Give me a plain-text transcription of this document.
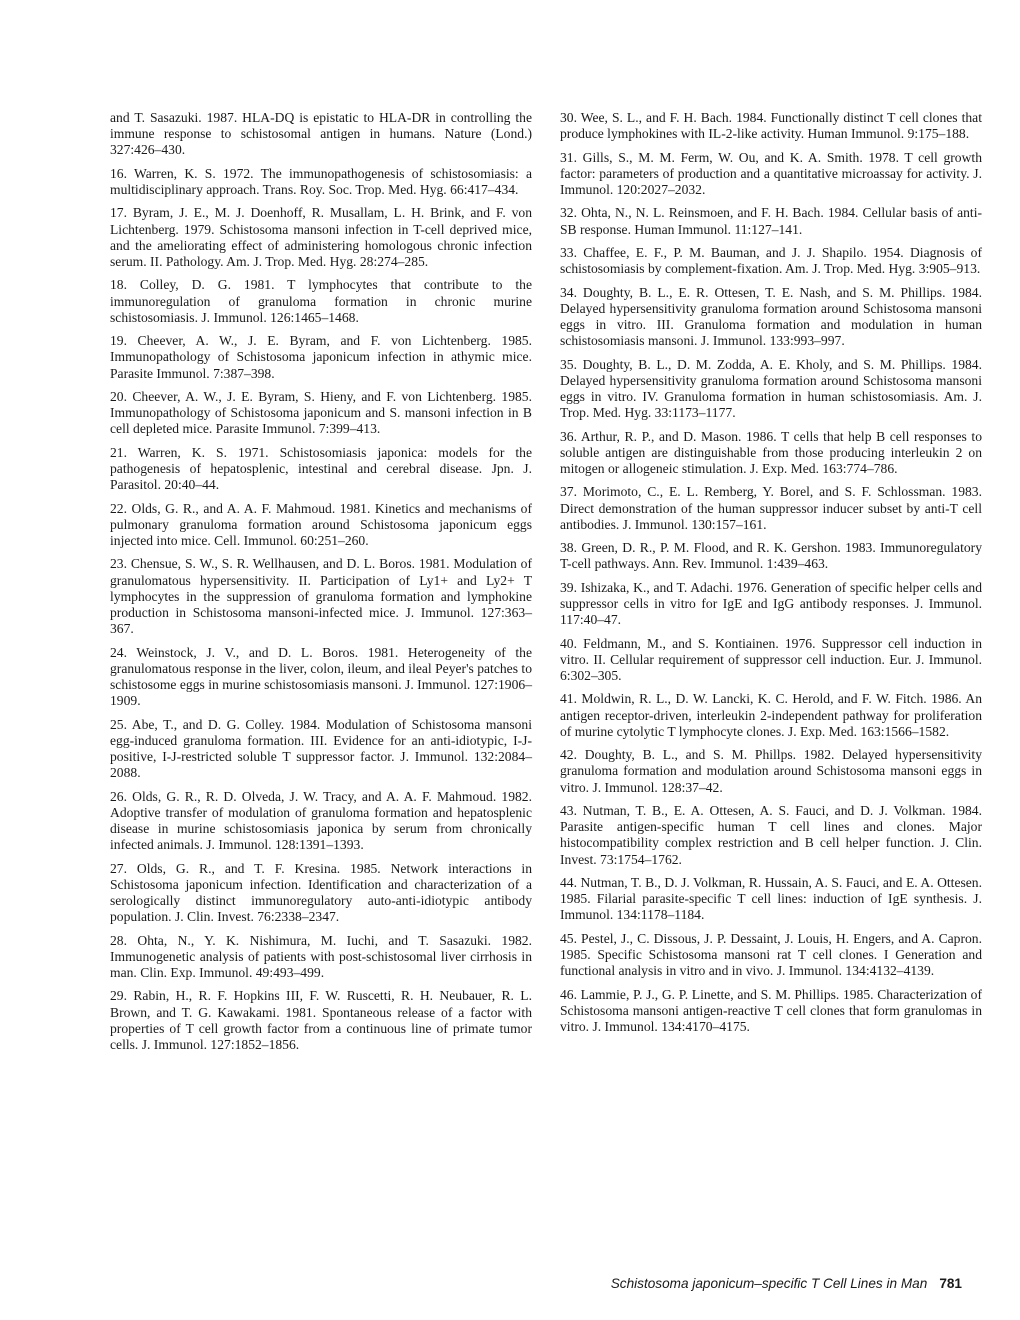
and T. Sasazuki. 1987. HLA-DQ is epistatic to HLA-DR in controlling the immune response to schistosomal antigen in humans. Nature (Lond.) 327:426–430.

16. Warren, K. S. 1972. The immunopathogenesis of schistosomiasis: a multidisciplinary approach. Trans. Roy. Soc. Trop. Med. Hyg. 66:417–434.

17. Byram, J. E., M. J. Doenhoff, R. Musallam, L. H. Brink, and F. von Lichtenberg. 1979. Schistosoma mansoni infection in T-cell deprived mice, and the ameliorating effect of administering homologous chronic infection serum. II. Pathology. Am. J. Trop. Med. Hyg. 28:274–285.

18. Colley, D. G. 1981. T lymphocytes that contribute to the immunoregulation of granuloma formation in chronic murine schistosomiasis. J. Immunol. 126:1465–1468.

19. Cheever, A. W., J. E. Byram, and F. von Lichtenberg. 1985. Immunopathology of Schistosoma japonicum infection in athymic mice. Parasite Immunol. 7:387–398.

20. Cheever, A. W., J. E. Byram, S. Hieny, and F. von Lichtenberg. 1985. Immunopathology of Schistosoma japonicum and S. mansoni infection in B cell depleted mice. Parasite Immunol. 7:399–413.

21. Warren, K. S. 1971. Schistosomiasis japonica: models for the pathogenesis of hepatosplenic, intestinal and cerebral disease. Jpn. J. Parasitol. 20:40–44.

22. Olds, G. R., and A. A. F. Mahmoud. 1981. Kinetics and mechanisms of pulmonary granuloma formation around Schistosoma japonicum eggs injected into mice. Cell. Immunol. 60:251–260.

23. Chensue, S. W., S. R. Wellhausen, and D. L. Boros. 1981. Modulation of granulomatous hypersensitivity. II. Participation of Ly1+ and Ly2+ T lymphocytes in the suppression of granuloma formation and lymphokine production in Schistosoma mansoni-infected mice. J. Immunol. 127:363–367.

24. Weinstock, J. V., and D. L. Boros. 1981. Heterogeneity of the granulomatous response in the liver, colon, ileum, and ileal Peyer's patches to schistosome eggs in murine schistosomiasis mansoni. J. Immunol. 127:1906–1909.

25. Abe, T., and D. G. Colley. 1984. Modulation of Schistosoma mansoni egg-induced granuloma formation. III. Evidence for an anti-idiotypic, I-J-positive, I-J-restricted soluble T suppressor factor. J. Immunol. 132:2084–2088.

26. Olds, G. R., R. D. Olveda, J. W. Tracy, and A. A. F. Mahmoud. 1982. Adoptive transfer of modulation of granuloma formation and hepatosplenic disease in murine schistosomiasis japonica by serum from chronically infected animals. J. Immunol. 128:1391–1393.

27. Olds, G. R., and T. F. Kresina. 1985. Network interactions in Schistosoma japonicum infection. Identification and characterization of a serologically distinct immunoregulatory auto-anti-idiotypic antibody population. J. Clin. Invest. 76:2338–2347.

28. Ohta, N., Y. K. Nishimura, M. Iuchi, and T. Sasazuki. 1982. Immunogenetic analysis of patients with post-schistosomal liver cirrhosis in man. Clin. Exp. Immunol. 49:493–499.

29. Rabin, H., R. F. Hopkins III, F. W. Ruscetti, R. H. Neubauer, R. L. Brown, and T. G. Kawakami. 1981. Spontaneous release of a factor with properties of T cell growth factor from a continuous line of primate tumor cells. J. Immunol. 127:1852–1856.

30. Wee, S. L., and F. H. Bach. 1984. Functionally distinct T cell clones that produce lymphokines with IL-2-like activity. Human Immunol. 9:175–188.

31. Gills, S., M. M. Ferm, W. Ou, and K. A. Smith. 1978. T cell growth factor: parameters of production and a quantitative microassay for activity. J. Immunol. 120:2027–2032.

32. Ohta, N., N. L. Reinsmoen, and F. H. Bach. 1984. Cellular basis of anti-SB response. Human Immunol. 11:127–141.

33. Chaffee, E. F., P. M. Bauman, and J. J. Shapilo. 1954. Diagnosis of schistosomiasis by complement-fixation. Am. J. Trop. Med. Hyg. 3:905–913.

34. Doughty, B. L., E. R. Ottesen, T. E. Nash, and S. M. Phillips. 1984. Delayed hypersensitivity granuloma formation around Schistosoma mansoni eggs in vitro. III. Granuloma formation and modulation in human schistosomiasis mansoni. J. Immunol. 133:993–997.

35. Doughty, B. L., D. M. Zodda, A. E. Kholy, and S. M. Phillips. 1984. Delayed hypersensitivity granuloma formation around Schistosoma mansoni eggs in vitro. IV. Granuloma formation in human schistosomiasis. Am. J. Trop. Med. Hyg. 33:1173–1177.

36. Arthur, R. P., and D. Mason. 1986. T cells that help B cell responses to soluble antigen are distinguishable from those producing interleukin 2 on mitogen or allogeneic stimulation. J. Exp. Med. 163:774–786.

37. Morimoto, C., E. L. Remberg, Y. Borel, and S. F. Schlossman. 1983. Direct demonstration of the human suppressor inducer subset by anti-T cell antibodies. J. Immunol. 130:157–161.

38. Green, D. R., P. M. Flood, and R. K. Gershon. 1983. Immunoregulatory T-cell pathways. Ann. Rev. Immunol. 1:439–463.

39. Ishizaka, K., and T. Adachi. 1976. Generation of specific helper cells and suppressor cells in vitro for IgE and IgG antibody responses. J. Immunol. 117:40–47.

40. Feldmann, M., and S. Kontiainen. 1976. Suppressor cell induction in vitro. II. Cellular requirement of suppressor cell induction. Eur. J. Immunol. 6:302–305.

41. Moldwin, R. L., D. W. Lancki, K. C. Herold, and F. W. Fitch. 1986. An antigen receptor-driven, interleukin 2-independent pathway for proliferation of murine cytolytic T lymphocyte clones. J. Exp. Med. 163:1566–1582.

42. Doughty, B. L., and S. M. Phillps. 1982. Delayed hypersensitivity granuloma formation and modulation around Schistosoma mansoni eggs in vitro. J. Immunol. 128:37–42.

43. Nutman, T. B., E. A. Ottesen, A. S. Fauci, and D. J. Volkman. 1984. Parasite antigen-specific human T cell lines and clones. Major histocompatibility complex restriction and B cell helper function. J. Clin. Invest. 73:1754–1762.

44. Nutman, T. B., D. J. Volkman, R. Hussain, A. S. Fauci, and E. A. Ottesen. 1985. Filarial parasite-specific T cell lines: induction of IgE synthesis. J. Immunol. 134:1178–1184.

45. Pestel, J., C. Dissous, J. P. Dessaint, J. Louis, H. Engers, and A. Capron. 1985. Specific Schistosoma mansoni rat T cell clones. I Generation and functional analysis in vitro and in vivo. J. Immunol. 134:4132–4139.

46. Lammie, P. J., G. P. Linette, and S. M. Phillips. 1985. Characterization of Schistosoma mansoni antigen-reactive T cell clones that form granulomas in vitro. J. Immunol. 134:4170–4175.

Schistosoma japonicum–specific T Cell Lines in Man 781
